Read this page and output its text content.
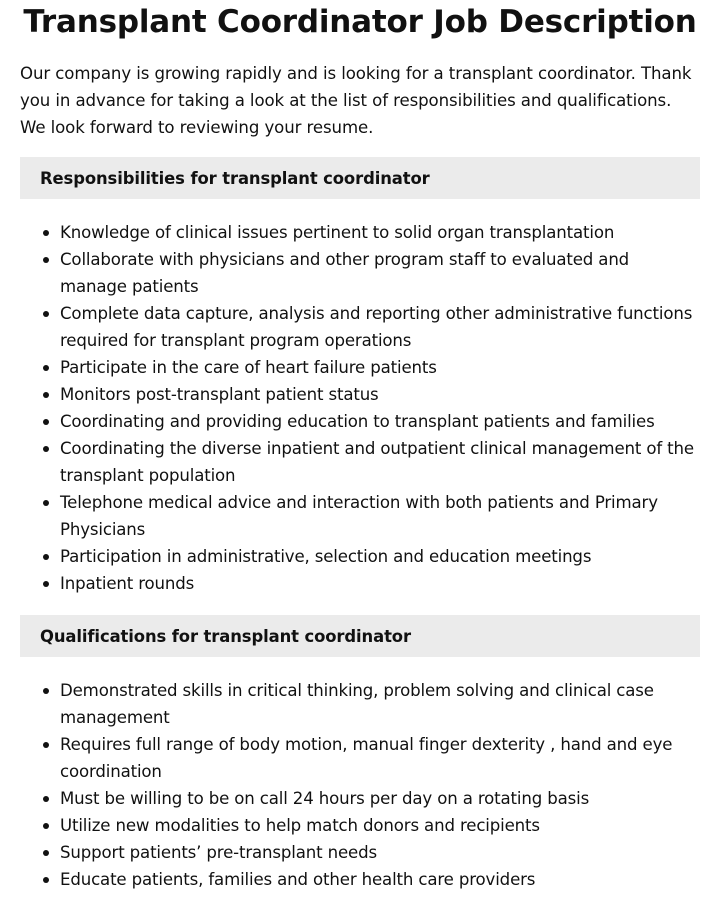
Transplant Coordinator Job Description

Our company is growing rapidly and is looking for a transplant coordinator. Thank you in advance for taking a look at the list of responsibilities and qualifications. We look forward to reviewing your resume.

Responsibilities for transplant coordinator
Knowledge of clinical issues pertinent to solid organ transplantation
Collaborate with physicians and other program staff to evaluated and manage patients
Complete data capture, analysis and reporting other administrative functions required for transplant program operations
Participate in the care of heart failure patients
Monitors post-transplant patient status
Coordinating and providing education to transplant patients and families
Coordinating the diverse inpatient and outpatient clinical management of the transplant population
Telephone medical advice and interaction with both patients and Primary Physicians
Participation in administrative, selection and education meetings
Inpatient rounds
Qualifications for transplant coordinator
Demonstrated skills in critical thinking, problem solving and clinical case management
Requires full range of body motion, manual finger dexterity , hand and eye coordination
Must be willing to be on call 24 hours per day on a rotating basis
Utilize new modalities to help match donors and recipients
Support patients’ pre-transplant needs
Educate patients, families and other health care providers
